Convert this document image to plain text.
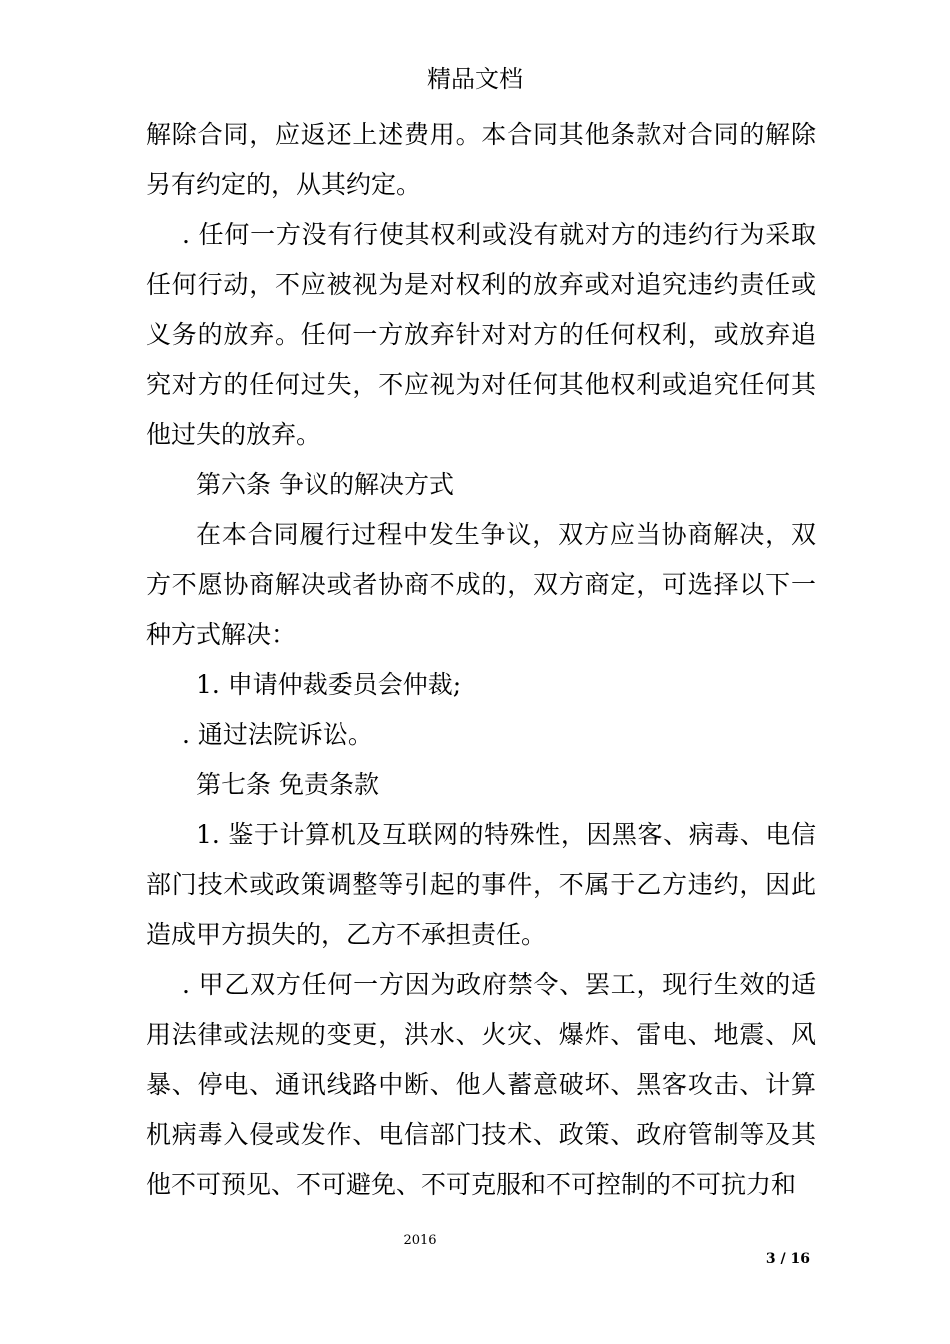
精品文档

解除合同，应返还上述费用。本合同其他条款对合同的解除另有约定的，从其约定。

. 任何一方没有行使其权利或没有就对方的违约行为采取任何行动，不应被视为是对权利的放弃或对追究违约责任或义务的放弃。任何一方放弃针对对方的任何权利，或放弃追究对方的任何过失，不应视为对任何其他权利或追究任何其他过失的放弃。

第六条 争议的解决方式

在本合同履行过程中发生争议，双方应当协商解决，双方不愿协商解决或者协商不成的，双方商定，可选择以下一种方式解决：

1. 申请仲裁委员会仲裁;

. 通过法院诉讼。

第七条 免责条款

1. 鉴于计算机及互联网的特殊性，因黑客、病毒、电信部门技术或政策调整等引起的事件，不属于乙方违约，因此造成甲方损失的，乙方不承担责任。

. 甲乙双方任何一方因为政府禁令、罢工，现行生效的适用法律或法规的变更，洪水、火灾、爆炸、雷电、地震、风暴、停电、通讯线路中断、他人蓄意破坏、黑客攻击、计算机病毒入侵或发作、电信部门技术、政策、政府管制等及其他不可预见、不可避免、不可克服和不可控制的不可抗力和

2016
3 / 16
